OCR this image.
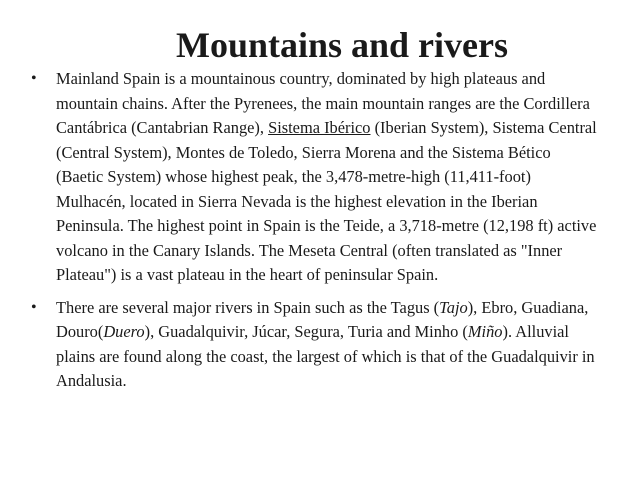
Mountains and rivers
• Mainland Spain is a mountainous country, dominated by high plateaus and mountain chains. After the Pyrenees, the main mountain ranges are the Cordillera Cantábrica (Cantabrian Range), Sistema Ibérico (Iberian System), Sistema Central (Central System), Montes de Toledo, Sierra Morena and the Sistema Bético (Baetic System) whose highest peak, the 3,478-metre-high (11,411-foot) Mulhacén, located in Sierra Nevada is the highest elevation in the Iberian Peninsula. The highest point in Spain is the Teide, a 3,718-metre (12,198 ft) active volcano in the Canary Islands. The Meseta Central (often translated as "Inner Plateau") is a vast plateau in the heart of peninsular Spain.
• There are several major rivers in Spain such as the Tagus (Tajo), Ebro, Guadiana, Douro(Duero), Guadalquivir, Júcar, Segura, Turia and Minho (Miño). Alluvial plains are found along the coast, the largest of which is that of the Guadalquivir in Andalusia.
